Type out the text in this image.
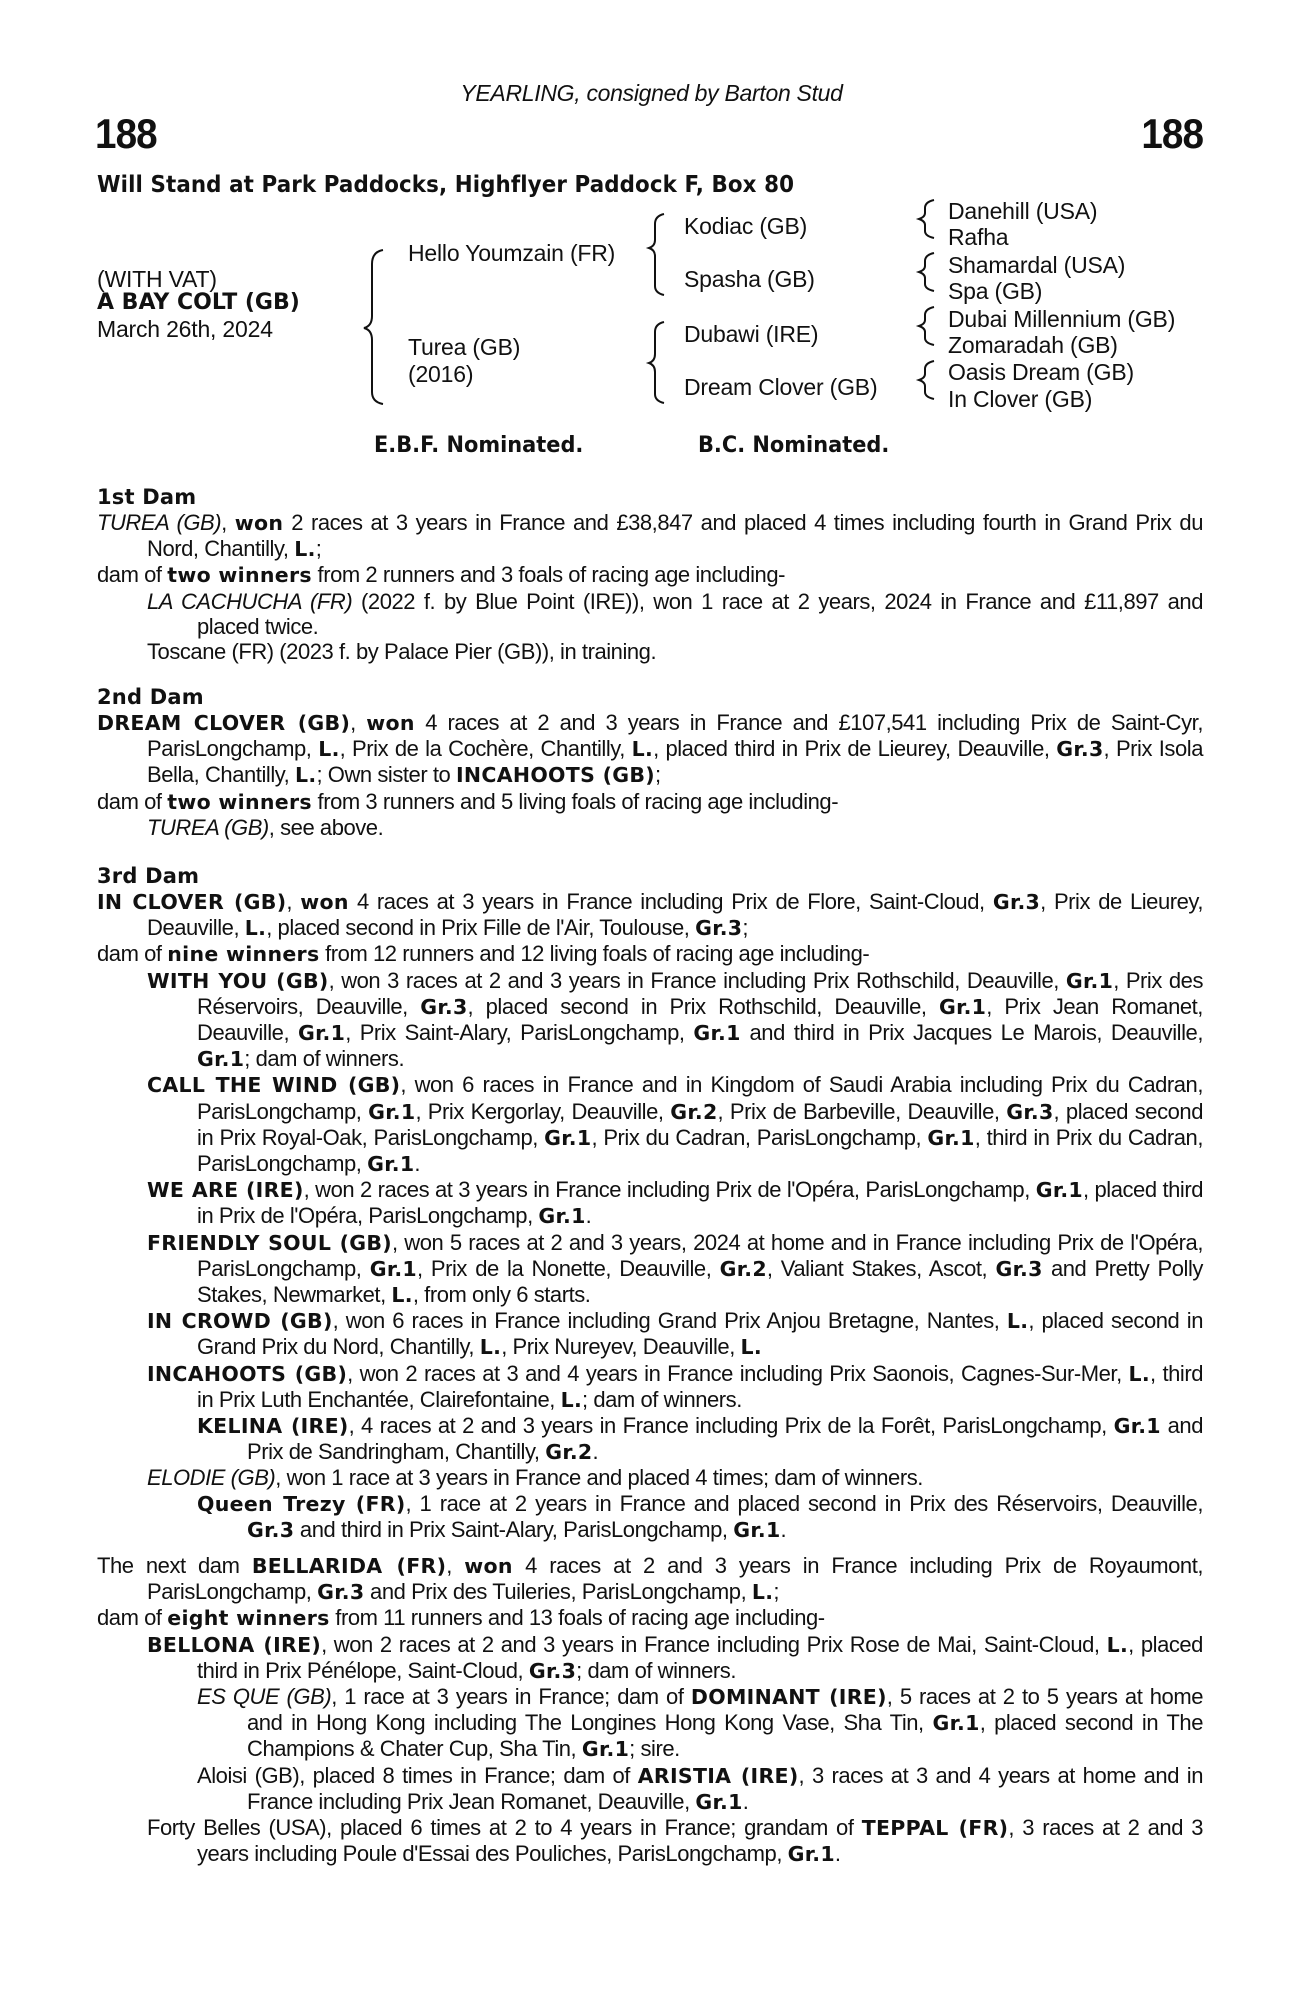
YEARLING, consigned by Barton Stud
188	188
Will Stand at Park Paddocks, Highflyer Paddock F, Box 80
(WITH VAT)
A BAY COLT (GB)
March 26th, 2024
Hello Youmzain (FR)
Turea (GB)
(2016)
Kodiac (GB)
Spasha (GB)
Dubawi (IRE)
Dream Clover (GB)
Danehill (USA)
Rafha
Shamardal (USA)
Spa (GB)
Dubai Millennium (GB)
Zomaradah (GB)
Oasis Dream (GB)
In Clover (GB)
E.B.F. Nominated.	B.C. Nominated.
1st Dam
TUREA (GB), won 2 races at 3 years in France and £38,847 and placed 4 times including fourth in Grand Prix du Nord, Chantilly, L.;
dam of two winners from 2 runners and 3 foals of racing age including-
LA CACHUCHA (FR) (2022 f. by Blue Point (IRE)), won 1 race at 2 years, 2024 in France and £11,897 and placed twice.
Toscane (FR) (2023 f. by Palace Pier (GB)), in training.
2nd Dam
DREAM CLOVER (GB), won 4 races at 2 and 3 years in France and £107,541 including Prix de Saint-Cyr, ParisLongchamp, L., Prix de la Cochère, Chantilly, L., placed third in Prix de Lieurey, Deauville, Gr.3, Prix Isola Bella, Chantilly, L.; Own sister to INCAHOOTS (GB);
dam of two winners from 3 runners and 5 living foals of racing age including-
TUREA (GB), see above.
3rd Dam
IN CLOVER (GB), won 4 races at 3 years in France including Prix de Flore, Saint-Cloud, Gr.3, Prix de Lieurey, Deauville, L., placed second in Prix Fille de l'Air, Toulouse, Gr.3;
dam of nine winners from 12 runners and 12 living foals of racing age including-
WITH YOU (GB), won 3 races at 2 and 3 years in France including Prix Rothschild, Deauville, Gr.1, Prix des Réservoirs, Deauville, Gr.3, placed second in Prix Rothschild, Deauville, Gr.1, Prix Jean Romanet, Deauville, Gr.1, Prix Saint-Alary, ParisLongchamp, Gr.1 and third in Prix Jacques Le Marois, Deauville, Gr.1; dam of winners.
CALL THE WIND (GB), won 6 races in France and in Kingdom of Saudi Arabia including Prix du Cadran, ParisLongchamp, Gr.1, Prix Kergorlay, Deauville, Gr.2, Prix de Barbeville, Deauville, Gr.3, placed second in Prix Royal-Oak, ParisLongchamp, Gr.1, Prix du Cadran, ParisLongchamp, Gr.1, third in Prix du Cadran, ParisLongchamp, Gr.1.
WE ARE (IRE), won 2 races at 3 years in France including Prix de l'Opéra, ParisLongchamp, Gr.1, placed third in Prix de l'Opéra, ParisLongchamp, Gr.1.
FRIENDLY SOUL (GB), won 5 races at 2 and 3 years, 2024 at home and in France including Prix de l'Opéra, ParisLongchamp, Gr.1, Prix de la Nonette, Deauville, Gr.2, Valiant Stakes, Ascot, Gr.3 and Pretty Polly Stakes, Newmarket, L., from only 6 starts.
IN CROWD (GB), won 6 races in France including Grand Prix Anjou Bretagne, Nantes, L., placed second in Grand Prix du Nord, Chantilly, L., Prix Nureyev, Deauville, L.
INCAHOOTS (GB), won 2 races at 3 and 4 years in France including Prix Saonois, Cagnes-Sur-Mer, L., third in Prix Luth Enchantée, Clairefontaine, L.; dam of winners.
KELINA (IRE), 4 races at 2 and 3 years in France including Prix de la Forêt, ParisLongchamp, Gr.1 and Prix de Sandringham, Chantilly, Gr.2.
ELODIE (GB), won 1 race at 3 years in France and placed 4 times; dam of winners.
Queen Trezy (FR), 1 race at 2 years in France and placed second in Prix des Réservoirs, Deauville, Gr.3 and third in Prix Saint-Alary, ParisLongchamp, Gr.1.
The next dam BELLARIDA (FR), won 4 races at 2 and 3 years in France including Prix de Royaumont, ParisLongchamp, Gr.3 and Prix des Tuileries, ParisLongchamp, L.;
dam of eight winners from 11 runners and 13 foals of racing age including-
BELLONA (IRE), won 2 races at 2 and 3 years in France including Prix Rose de Mai, Saint-Cloud, L., placed third in Prix Pénélope, Saint-Cloud, Gr.3; dam of winners.
ES QUE (GB), 1 race at 3 years in France; dam of DOMINANT (IRE), 5 races at 2 to 5 years at home and in Hong Kong including The Longines Hong Kong Vase, Sha Tin, Gr.1, placed second in The Champions & Chater Cup, Sha Tin, Gr.1; sire.
Aloisi (GB), placed 8 times in France; dam of ARISTIA (IRE), 3 races at 3 and 4 years at home and in France including Prix Jean Romanet, Deauville, Gr.1.
Forty Belles (USA), placed 6 times at 2 to 4 years in France; grandam of TEPPAL (FR), 3 races at 2 and 3 years including Poule d'Essai des Pouliches, ParisLongchamp, Gr.1.
